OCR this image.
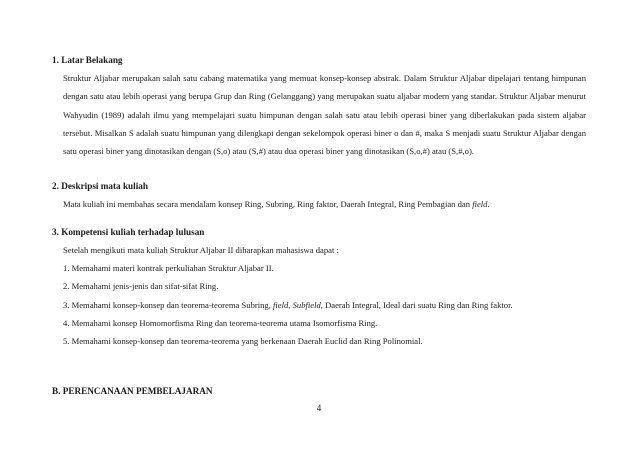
1. Latar Belakang

Struktur Aljabar merupakan salah satu cabang matematika yang memuat konsep-konsep abstrak. Dalam Struktur Aljabar dipelajari tentang himpunan dengan satu atau lebih operasi yang berupa Grup dan Ring (Gelanggang) yang merupakan suatu aljabar modern yang standar. Struktur Aljabar menurut Wahyudin (1989) adalah ilmu yang mempelajari suatu himpunan dengan salah satu atau lebih operasi biner yang diberlakukan pada sistem aljabar tersebut. Misalkan S adalah suatu himpunan yang dilengkapi dengan sekelompok operasi biner o dan #, maka S menjadi suatu Struktur Aljabar dengan satu operasi biner yang dinotasikan dengan (S,o) atau (S,#) atau dua operasi biner yang dinotasikan (S,o,#) atau (S,#,o).

2. Deskripsi mata kuliah

Mata kuliah ini membahas secara mendalam konsep Ring, Subring, Ring faktor, Daerah Integral, Ring Pembagian dan field.

3. Kompetensi kuliah terhadap lulusan

Setelah mengikuti mata kuliah Struktur Aljabar II diharapkan mahasiswa dapat :

1. Memahami materi kontrak perkuliahan Struktur Aljabar II.

2. Memahami jenis-jenis dan sifat-sifat Ring.

3. Memahami konsep-konsep dan teorema-teorema Subring, field, Subfield, Daerah Integral, Ideal dari suatu Ring dan Ring faktor.

4. Memahami konsep Homomorfisma Ring dan teorema-teorema utama Isomorfisma Ring.

5. Memahami konsep-konsep dan teorema-teorema yang berkenaan Daerah Euclid dan Ring Polinomial.

B. PERENCANAAN PEMBELAJARAN

4
